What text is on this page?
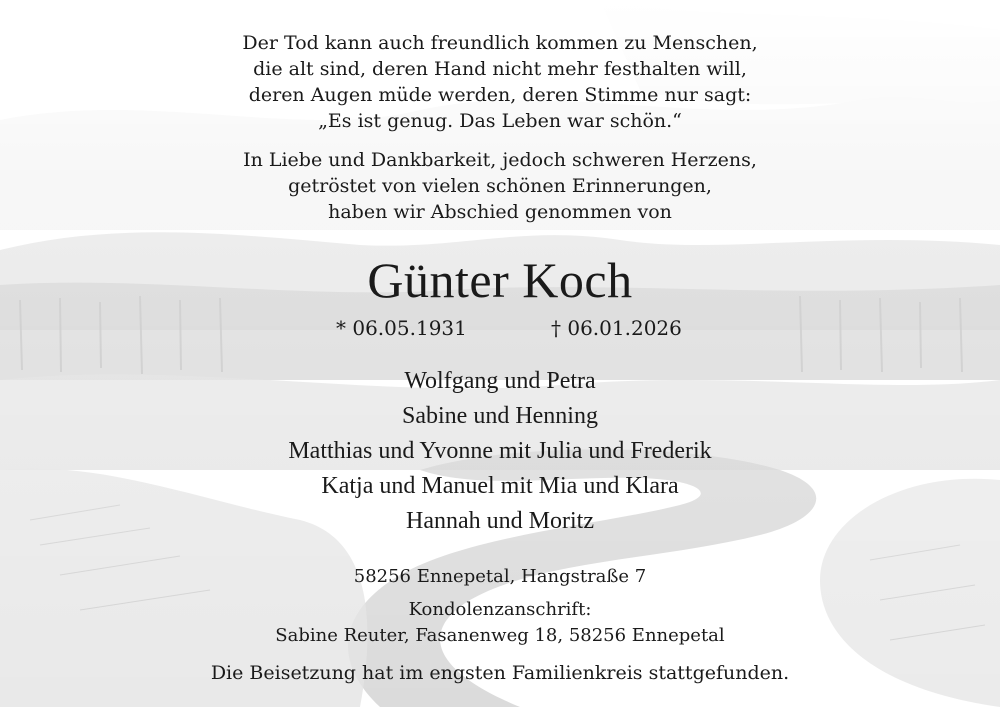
Der Tod kann auch freundlich kommen zu Menschen,
die alt sind, deren Hand nicht mehr festhalten will,
deren Augen müde werden, deren Stimme nur sagt:
„Es ist genug. Das Leben war schön.“
In Liebe und Dankbarkeit, jedoch schweren Herzens,
getröstet von vielen schönen Erinnerungen,
haben wir Abschied genommen von
Günter Koch
* 06.05.1931	† 06.01.2026
Wolfgang und Petra
Sabine und Henning
Matthias und Yvonne mit Julia und Frederik
Katja und Manuel mit Mia und Klara
Hannah und Moritz
58256 Ennepetal, Hangstraße 7
Kondolenzanschrift:
Sabine Reuter, Fasanenweg 18, 58256 Ennepetal
Die Beisetzung hat im engsten Familienkreis stattgefunden.
